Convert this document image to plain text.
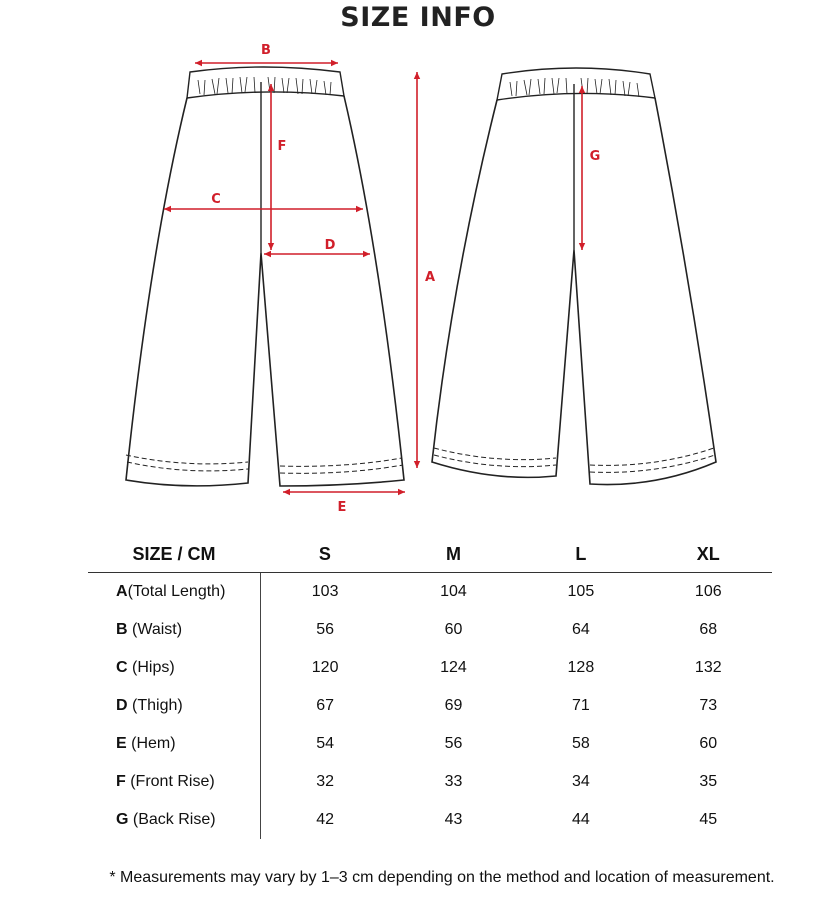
SIZE INFO
B
F
C
D
A
E
G
SIZE / CM	S	M	L	XL
A(Total Length)	103	104	105	106
B (Waist)	56	60	64	68
C (Hips)	120	124	128	132
D (Thigh)	67	69	71	73
E (Hem)	54	56	58	60
F (Front Rise)	32	33	34	35
G (Back Rise)	42	43	44	45
* Measurements may vary by 1–3 cm depending on the method and location of measurement.
